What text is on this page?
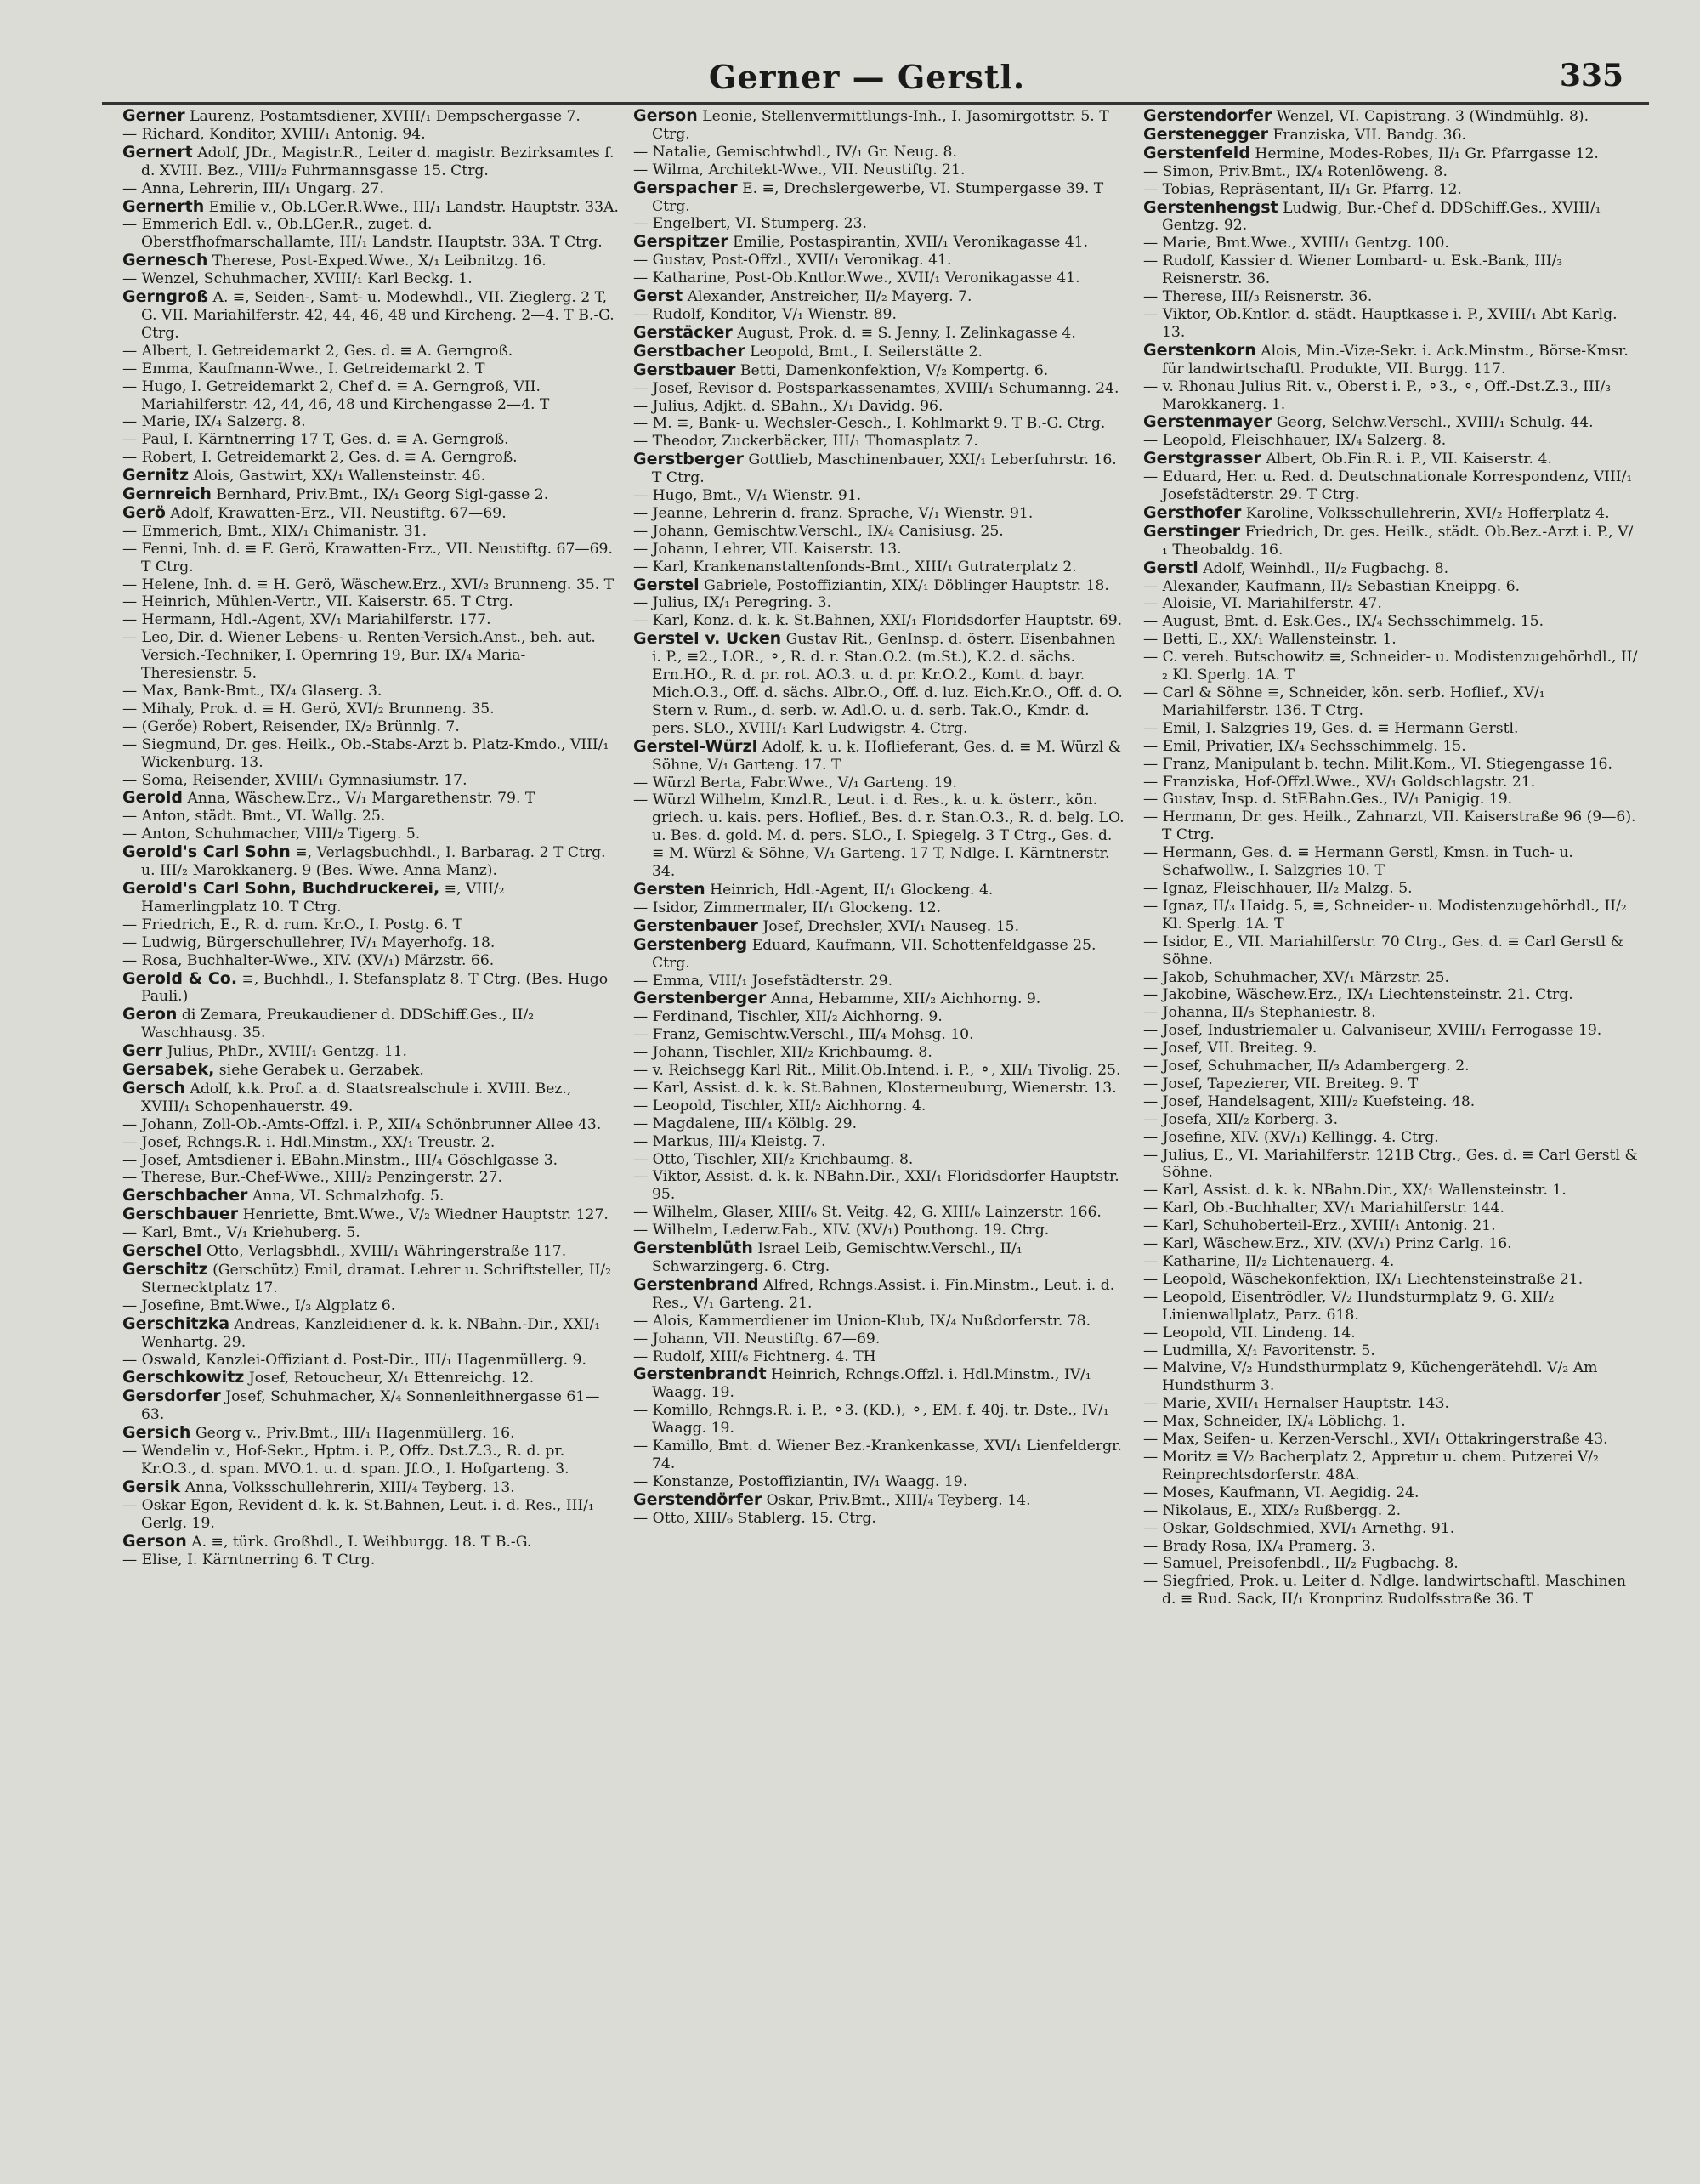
Gerner — Gerstl.	335
Gerner Laurenz, Postamtsdiener, XVIII/₁ Dempschergasse 7.
— Richard, Konditor, XVIII/₁ Antonig. 94.
Gernert Adolf, JDr., Magistr.R., Leiter d. magistr. Bezirksamtes f. d. XVIII. Bez., VIII/₂ Fuhrmannsgasse 15. Ctrg.
— Anna, Lehrerin, III/₁ Ungarg. 27.
Gernerth Emilie v., Ob.LGer.R.Wwe., III/₁ Landstr. Hauptstr. 33A.
— Emmerich Edl. v., Ob.LGer.R., zuget. d. Oberstfhofmarschallamte, III/₁ Landstr. Hauptstr. 33A. T Ctrg.
Gernesch Therese, Post-Exped.Wwe., X/₁ Leibnitzg. 16.
— Wenzel, Schuhmacher, XVIII/₁ Karl Beckg. 1.
Gerngroß A. ≡, Seiden-, Samt- u. Modewhdl., VII. Zieglerg. 2 T, G. VII. Mariahilferstr. 42, 44, 46, 48 und Kircheng. 2—4. T B.-G. Ctrg.
— Albert, I. Getreidemarkt 2, Ges. d. ≡ A. Gerngroß.
— Emma, Kaufmann-Wwe., I. Getreidemarkt 2. T
— Hugo, I. Getreidemarkt 2, Chef d. ≡ A. Gerngroß, VII. Mariahilferstr. 42, 44, 46, 48 und Kirchengasse 2—4. T
— Marie, IX/₄ Salzerg. 8.
— Paul, I. Kärntnerring 17 T, Ges. d. ≡ A. Gerngroß.
— Robert, I. Getreidemarkt 2, Ges. d. ≡ A. Gerngroß.
Gernitz Alois, Gastwirt, XX/₁ Wallensteinstr. 46.
Gernreich Bernhard, Priv.Bmt., IX/₁ Georg Sigl-gasse 2.
Gerö Adolf, Krawatten-Erz., VII. Neustiftg. 67—69.
— Emmerich, Bmt., XIX/₁ Chimanistr. 31.
— Fenni, Inh. d. ≡ F. Gerö, Krawatten-Erz., VII. Neustiftg. 67—69. T Ctrg.
— Helene, Inh. d. ≡ H. Gerö, Wäschew.Erz., XVI/₂ Brunneng. 35. T
— Heinrich, Mühlen-Vertr., VII. Kaiserstr. 65. T Ctrg.
— Hermann, Hdl.-Agent, XV/₁ Mariahilferstr. 177.
— Leo, Dir. d. Wiener Lebens- u. Renten-Versich.Anst., beh. aut. Versich.-Techniker, I. Opernring 19, Bur. IX/₄ Maria-Theresienstr. 5.
— Max, Bank-Bmt., IX/₄ Glaserg. 3.
— Mihaly, Prok. d. ≡ H. Gerö, XVI/₂ Brunneng. 35.
— (Gerőe) Robert, Reisender, IX/₂ Brünnlg. 7.
— Siegmund, Dr. ges. Heilk., Ob.-Stabs-Arzt b. Platz-Kmdo., VIII/₁ Wickenburg. 13.
— Soma, Reisender, XVIII/₁ Gymnasiumstr. 17.
Gerold Anna, Wäschew.Erz., V/₁ Margarethenstr. 79. T
— Anton, städt. Bmt., VI. Wallg. 25.
— Anton, Schuhmacher, VIII/₂ Tigerg. 5.
Gerold's Carl Sohn ≡, Verlagsbuchhdl., I. Barbarag. 2 T Ctrg. u. III/₂ Marokkanerg. 9 (Bes. Wwe. Anna Manz).
Gerold's Carl Sohn, Buchdruckerei, ≡, VIII/₂ Hamerlingplatz 10. T Ctrg.
— Friedrich, E., R. d. rum. Kr.O., I. Postg. 6. T
— Ludwig, Bürgerschullehrer, IV/₁ Mayerhofg. 18.
— Rosa, Buchhalter-Wwe., XIV. (XV/₁) Märzstr. 66.
Gerold & Co. ≡, Buchhdl., I. Stefansplatz 8. T Ctrg. (Bes. Hugo Pauli.)
Geron di Zemara, Preukaudiener d. DDSchiff.Ges., II/₂ Waschhausg. 35.
Gerr Julius, PhDr., XVIII/₁ Gentzg. 11.
Gersabek, siehe Gerabek u. Gerzabek.
Gersch Adolf, k.k. Prof. a. d. Staatsrealschule i. XVIII. Bez., XVIII/₁ Schopenhauerstr. 49.
— Johann, Zoll-Ob.-Amts-Offzl. i. P., XII/₄ Schönbrunner Allee 43.
— Josef, Rchngs.R. i. Hdl.Minstm., XX/₁ Treustr. 2.
— Josef, Amtsdiener i. EBahn.Minstm., III/₄ Göschlgasse 3.
— Therese, Bur.-Chef-Wwe., XIII/₂ Penzingerstr. 27.
Gerschbacher Anna, VI. Schmalzhofg. 5.
Gerschbauer Henriette, Bmt.Wwe., V/₂ Wiedner Hauptstr. 127.
— Karl, Bmt., V/₁ Kriehuberg. 5.
Gerschel Otto, Verlagsbhdl., XVIII/₁ Währingerstraße 117.
Gerschitz (Gerschütz) Emil, dramat. Lehrer u. Schriftsteller, II/₂ Sternecktplatz 17.
— Josefine, Bmt.Wwe., I/₃ Algplatz 6.
Gerschitzka Andreas, Kanzleidiener d. k. k. NBahn.-Dir., XXI/₁ Wenhartg. 29.
— Oswald, Kanzlei-Offiziant d. Post-Dir., III/₁ Hagenmüllerg. 9.
Gerschkowitz Josef, Retoucheur, X/₁ Ettenreichg. 12.
Gersdorfer Josef, Schuhmacher, X/₄ Sonnenleithnergasse 61—63.
Gersich Georg v., Priv.Bmt., III/₁ Hagenmüllerg. 16.
— Wendelin v., Hof-Sekr., Hptm. i. P., Offz. Dst.Z.3., R. d. pr. Kr.O.3., d. span. MVO.1. u. d. span. Jf.O., I. Hofgarteng. 3.
Gersik Anna, Volksschullehrerin, XIII/₄ Teyberg. 13.
— Oskar Egon, Revident d. k. k. St.Bahnen, Leut. i. d. Res., III/₁ Gerlg. 19.
Gerson A. ≡, türk. Großhdl., I. Weihburgg. 18. T B.-G.
— Elise, I. Kärntnerring 6. T Ctrg.
Gerson Leonie, Stellenvermittlungs-Inh., I. Jasomirgottstr. 5. T Ctrg.
— Natalie, Gemischtwhdl., IV/₁ Gr. Neug. 8.
— Wilma, Architekt-Wwe., VII. Neustiftg. 21.
Gerspacher E. ≡, Drechslergewerbe, VI. Stumpergasse 39. T Ctrg.
— Engelbert, VI. Stumperg. 23.
Gerspitzer Emilie, Postaspirantin, XVII/₁ Veronikagasse 41.
— Gustav, Post-Offzl., XVII/₁ Veronikag. 41.
— Katharine, Post-Ob.Kntlor.Wwe., XVII/₁ Veronikagasse 41.
Gerst Alexander, Anstreicher, II/₂ Mayerg. 7.
— Rudolf, Konditor, V/₁ Wienstr. 89.
Gerstäcker August, Prok. d. ≡ S. Jenny, I. Zelinkagasse 4.
Gerstbacher Leopold, Bmt., I. Seilerstätte 2.
Gerstbauer Betti, Damenkonfektion, V/₂ Kompertg. 6.
— Josef, Revisor d. Postsparkassenamtes, XVIII/₁ Schumanng. 24.
— Julius, Adjkt. d. SBahn., X/₁ Davidg. 96.
— M. ≡, Bank- u. Wechsler-Gesch., I. Kohlmarkt 9. T B.-G. Ctrg.
— Theodor, Zuckerbäcker, III/₁ Thomasplatz 7.
Gerstberger Gottlieb, Maschinenbauer, XXI/₁ Leberfuhrstr. 16. T Ctrg.
— Hugo, Bmt., V/₁ Wienstr. 91.
— Jeanne, Lehrerin d. franz. Sprache, V/₁ Wienstr. 91.
— Johann, Gemischtw.Verschl., IX/₄ Canisiusg. 25.
— Johann, Lehrer, VII. Kaiserstr. 13.
— Karl, Krankenanstaltenfonds-Bmt., XIII/₁ Gutraterplatz 2.
Gerstel Gabriele, Postoffiziantin, XIX/₁ Döblinger Hauptstr. 18.
— Julius, IX/₁ Peregring. 3.
— Karl, Konz. d. k. k. St.Bahnen, XXI/₁ Floridsdorfer Hauptstr. 69.
Gerstel v. Ucken Gustav Rit., GenInsp. d. österr. Eisenbahnen i. P., ≡2., LOR., ⚬, R. d. r. Stan.O.2. (m.St.), K.2. d. sächs. Ern.HO., R. d. pr. rot. AO.3. u. d. pr. Kr.O.2., Komt. d. bayr. Mich.O.3., Off. d. sächs. Albr.O., Off. d. luz. Eich.Kr.O., Off. d. O. Stern v. Rum., d. serb. w. Adl.O. u. d. serb. Tak.O., Kmdr. d. pers. SLO., XVIII/₁ Karl Ludwigstr. 4. Ctrg.
Gerstel-Würzl Adolf, k. u. k. Hoflieferant, Ges. d. ≡ M. Würzl & Söhne, V/₁ Garteng. 17. T
— Würzl Berta, Fabr.Wwe., V/₁ Garteng. 19.
— Würzl Wilhelm, Kmzl.R., Leut. i. d. Res., k. u. k. österr., kön. griech. u. kais. pers. Hoflief., Bes. d. r. Stan.O.3., R. d. belg. LO. u. Bes. d. gold. M. d. pers. SLO., I. Spiegelg. 3 T Ctrg., Ges. d. ≡ M. Würzl & Söhne, V/₁ Garteng. 17 T, Ndlge. I. Kärntnerstr. 34.
Gersten Heinrich, Hdl.-Agent, II/₁ Glockeng. 4.
— Isidor, Zimmermaler, II/₁ Glockeng. 12.
Gerstenbauer Josef, Drechsler, XVI/₁ Nauseg. 15.
Gerstenberg Eduard, Kaufmann, VII. Schottenfeldgasse 25. Ctrg.
— Emma, VIII/₁ Josefstädterstr. 29.
Gerstenberger Anna, Hebamme, XII/₂ Aichhorng. 9.
— Ferdinand, Tischler, XII/₂ Aichhorng. 9.
— Franz, Gemischtw.Verschl., III/₄ Mohsg. 10.
— Johann, Tischler, XII/₂ Krichbaumg. 8.
— v. Reichsegg Karl Rit., Milit.Ob.Intend. i. P., ⚬, XII/₁ Tivolig. 25.
— Karl, Assist. d. k. k. St.Bahnen, Klosterneuburg, Wienerstr. 13.
— Leopold, Tischler, XII/₂ Aichhorng. 4.
— Magdalene, III/₄ Kölblg. 29.
— Markus, III/₄ Kleistg. 7.
— Otto, Tischler, XII/₂ Krichbaumg. 8.
— Viktor, Assist. d. k. k. NBahn.Dir., XXI/₁ Floridsdorfer Hauptstr. 95.
— Wilhelm, Glaser, XIII/₆ St. Veitg. 42, G. XIII/₆ Lainzerstr. 166.
— Wilhelm, Lederw.Fab., XIV. (XV/₁) Pouthong. 19. Ctrg.
Gerstenblüth Israel Leib, Gemischtw.Verschl., II/₁ Schwarzingerg. 6. Ctrg.
Gerstenbrand Alfred, Rchngs.Assist. i. Fin.Minstm., Leut. i. d. Res., V/₁ Garteng. 21.
— Alois, Kammerdiener im Union-Klub, IX/₄ Nußdorferstr. 78.
— Johann, VII. Neustiftg. 67—69.
— Rudolf, XIII/₆ Fichtnerg. 4. TH
Gerstenbrandt Heinrich, Rchngs.Offzl. i. Hdl.Minstm., IV/₁ Waagg. 19.
— Komillo, Rchngs.R. i. P., ⚬3. (KD.), ⚬, EM. f. 40j. tr. Dste., IV/₁ Waagg. 19.
— Kamillo, Bmt. d. Wiener Bez.-Krankenkasse, XVI/₁ Lienfeldergr. 74.
— Konstanze, Postoffiziantin, IV/₁ Waagg. 19.
Gerstendörfer Oskar, Priv.Bmt., XIII/₄ Teyberg. 14.
— Otto, XIII/₆ Stablerg. 15. Ctrg.
Gerstendorfer Wenzel, VI. Capistrang. 3 (Windmühlg. 8).
Gerstenegger Franziska, VII. Bandg. 36.
Gerstenfeld Hermine, Modes-Robes, II/₁ Gr. Pfarrgasse 12.
— Simon, Priv.Bmt., IX/₄ Rotenlöweng. 8.
— Tobias, Repräsentant, II/₁ Gr. Pfarrg. 12.
Gerstenhengst Ludwig, Bur.-Chef d. DDSchiff.Ges., XVIII/₁ Gentzg. 92.
— Marie, Bmt.Wwe., XVIII/₁ Gentzg. 100.
— Rudolf, Kassier d. Wiener Lombard- u. Esk.-Bank, III/₃ Reisnerstr. 36.
— Therese, III/₃ Reisnerstr. 36.
— Viktor, Ob.Kntlor. d. städt. Hauptkasse i. P., XVIII/₁ Abt Karlg. 13.
Gerstenkorn Alois, Min.-Vize-Sekr. i. Ack.Minstm., Börse-Kmsr. für landwirtschaftl. Produkte, VII. Burgg. 117.
— v. Rhonau Julius Rit. v., Oberst i. P., ⚬3., ⚬, Off.-Dst.Z.3., III/₃ Marokkanerg. 1.
Gerstenmayer Georg, Selchw.Verschl., XVIII/₁ Schulg. 44.
— Leopold, Fleischhauer, IX/₄ Salzerg. 8.
Gerstgrasser Albert, Ob.Fin.R. i. P., VII. Kaiserstr. 4.
— Eduard, Her. u. Red. d. Deutschnationale Korrespondenz, VIII/₁ Josefstädterstr. 29. T Ctrg.
Gersthofer Karoline, Volksschullehrerin, XVI/₂ Hofferplatz 4.
Gerstinger Friedrich, Dr. ges. Heilk., städt. Ob.Bez.-Arzt i. P., V/₁ Theobaldg. 16.
Gerstl Adolf, Weinhdl., II/₂ Fugbachg. 8.
— Alexander, Kaufmann, II/₂ Sebastian Kneippg. 6.
— Aloisie, VI. Mariahilferstr. 47.
— August, Bmt. d. Esk.Ges., IX/₄ Sechsschimmelg. 15.
— Betti, E., XX/₁ Wallensteinstr. 1.
— C. vereh. Butschowitz ≡, Schneider- u. Modistenzugehörhdl., II/₂ Kl. Sperlg. 1A. T
— Carl & Söhne ≡, Schneider, kön. serb. Hoflief., XV/₁ Mariahilferstr. 136. T Ctrg.
— Emil, I. Salzgries 19, Ges. d. ≡ Hermann Gerstl.
— Emil, Privatier, IX/₄ Sechsschimmelg. 15.
— Franz, Manipulant b. techn. Milit.Kom., VI. Stiegengasse 16.
— Franziska, Hof-Offzl.Wwe., XV/₁ Goldschlagstr. 21.
— Gustav, Insp. d. StEBahn.Ges., IV/₁ Panigig. 19.
— Hermann, Dr. ges. Heilk., Zahnarzt, VII. Kaiserstraße 96 (9—6). T Ctrg.
— Hermann, Ges. d. ≡ Hermann Gerstl, Kmsn. in Tuch- u. Schafwollw., I. Salzgries 10. T
— Ignaz, Fleischhauer, II/₂ Malzg. 5.
— Ignaz, II/₃ Haidg. 5, ≡, Schneider- u. Modistenzugehörhdl., II/₂ Kl. Sperlg. 1A. T
— Isidor, E., VII. Mariahilferstr. 70 Ctrg., Ges. d. ≡ Carl Gerstl & Söhne.
— Jakob, Schuhmacher, XV/₁ Märzstr. 25.
— Jakobine, Wäschew.Erz., IX/₁ Liechtensteinstr. 21. Ctrg.
— Johanna, II/₃ Stephaniestr. 8.
— Josef, Industriemaler u. Galvaniseur, XVIII/₁ Ferrogasse 19.
— Josef, VII. Breiteg. 9.
— Josef, Schuhmacher, II/₃ Adambergerg. 2.
— Josef, Tapezierer, VII. Breiteg. 9. T
— Josef, Handelsagent, XIII/₂ Kuefsteing. 48.
— Josefa, XII/₂ Korberg. 3.
— Josefine, XIV. (XV/₁) Kellingg. 4. Ctrg.
— Julius, E., VI. Mariahilferstr. 121B Ctrg., Ges. d. ≡ Carl Gerstl & Söhne.
— Karl, Assist. d. k. k. NBahn.Dir., XX/₁ Wallensteinstr. 1.
— Karl, Ob.-Buchhalter, XV/₁ Mariahilferstr. 144.
— Karl, Schuhoberteil-Erz., XVIII/₁ Antonig. 21.
— Karl, Wäschew.Erz., XIV. (XV/₁) Prinz Carlg. 16.
— Katharine, II/₂ Lichtenauerg. 4.
— Leopold, Wäschekonfektion, IX/₁ Liechtensteinstraße 21.
— Leopold, Eisentrödler, V/₂ Hundsturmplatz 9, G. XII/₂ Linienwallplatz, Parz. 618.
— Leopold, VII. Lindeng. 14.
— Ludmilla, X/₁ Favoritenstr. 5.
— Malvine, V/₂ Hundsthurmplatz 9, Küchengerätehdl. V/₂ Am Hundsthurm 3.
— Marie, XVII/₁ Hernalser Hauptstr. 143.
— Max, Schneider, IX/₄ Löblichg. 1.
— Max, Seifen- u. Kerzen-Verschl., XVI/₁ Ottakringerstraße 43.
— Moritz ≡ V/₂ Bacherplatz 2, Appretur u. chem. Putzerei V/₂ Reinprechtsdorferstr. 48A.
— Moses, Kaufmann, VI. Aegidig. 24.
— Nikolaus, E., XIX/₂ Rußbergg. 2.
— Oskar, Goldschmied, XVI/₁ Arnethg. 91.
— Brady Rosa, IX/₄ Pramerg. 3.
— Samuel, Preisofenbdl., II/₂ Fugbachg. 8.
— Siegfried, Prok. u. Leiter d. Ndlge. landwirtschaftl. Maschinen d. ≡ Rud. Sack, II/₁ Kronprinz Rudolfsstraße 36. T
